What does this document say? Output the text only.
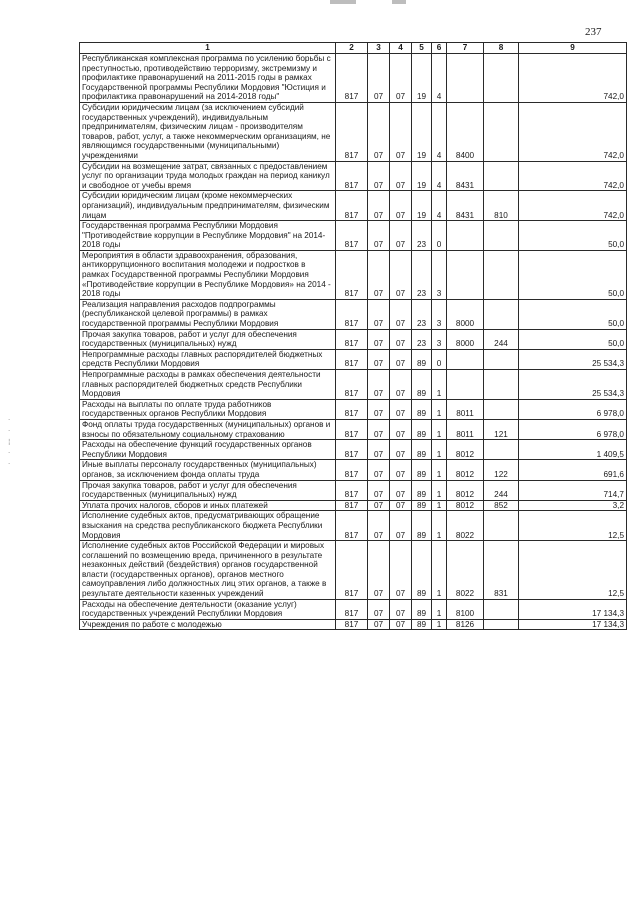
237
·
·
¦
·
·
1	2	3	4	5	6	7	8	9
Республиканская комплексная программа по усилению борьбы с преступностью, противодействию терроризму, экстремизму и профилактике правонарушений на 2011-2015 годы в рамках Государственной программы Республики Мордовия "Юстиция и профилактика правонарушений на 2014-2018 годы"	817	07	07	19	4			742,0
Субсидии юридическим лицам (за исключением субсидий государственных учреждений), индивидуальным предпринимателям, физическим лицам - производителям товаров, работ, услуг, а также некоммерческим организациям, не являющимся государственными (муниципальными) учреждениями	817	07	07	19	4	8400		742,0
Субсидии на возмещение затрат, связанных с предоставлением услуг по организации труда молодых граждан на период каникул и свободное от учебы время	817	07	07	19	4	8431		742,0
Субсидии юридическим лицам (кроме некоммерческих организаций), индивидуальным предпринимателям, физическим лицам	817	07	07	19	4	8431	810	742,0
Государственная программа Республики Мордовия "Противодействие коррупции в Республике Мордовия" на 2014-2018 годы	817	07	07	23	0			50,0
Мероприятия в области здравоохранения, образования, антикоррупционного воспитания молодежи и подростков в рамках Государственной программы Республики Мордовия «Противодействие коррупции в Республике Мордовия» на 2014 - 2018 годы	817	07	07	23	3			50,0
Реализация направления расходов подпрограммы (республиканской целевой программы) в рамках государственной программы Республики Мордовия	817	07	07	23	3	8000		50,0
Прочая закупка товаров, работ и услуг для обеспечения государственных (муниципальных) нужд	817	07	07	23	3	8000	244	50,0
Непрограммные расходы главных распорядителей бюджетных средств Республики Мордовия	817	07	07	89	0			25 534,3
Непрограммные расходы в рамках обеспечения деятельности главных распорядителей бюджетных средств Республики Мордовия	817	07	07	89	1			25 534,3
Расходы на выплаты по оплате труда работников государственных органов Республики Мордовия	817	07	07	89	1	8011		6 978,0
Фонд оплаты труда государственных (муниципальных) органов и взносы по обязательному социальному страхованию	817	07	07	89	1	8011	121	6 978,0
Расходы на обеспечение функций государственных органов Республики Мордовия	817	07	07	89	1	8012		1 409,5
Иные выплаты персоналу государственных (муниципальных) органов, за исключением фонда оплаты труда	817	07	07	89	1	8012	122	691,6
Прочая закупка товаров, работ и услуг для обеспечения государственных (муниципальных) нужд	817	07	07	89	1	8012	244	714,7
Уплата прочих налогов, сборов и иных платежей	817	07	07	89	1	8012	852	3,2
Исполнение судебных актов, предусматривающих обращение взыскания на средства республиканского бюджета Республики Мордовия	817	07	07	89	1	8022		12,5
Исполнение судебных актов Российской Федерации и мировых соглашений по возмещению вреда, причиненного в результате незаконных действий (бездействия) органов государственной власти (государственных органов), органов местного самоуправления либо должностных лиц этих органов, а также в результате деятельности казенных учреждений	817	07	07	89	1	8022	831	12,5
Расходы на обеспечение деятельности (оказание услуг) государственных учреждений Республики Мордовия	817	07	07	89	1	8100		17 134,3
Учреждения по работе с молодежью	817	07	07	89	1	8126		17 134,3
